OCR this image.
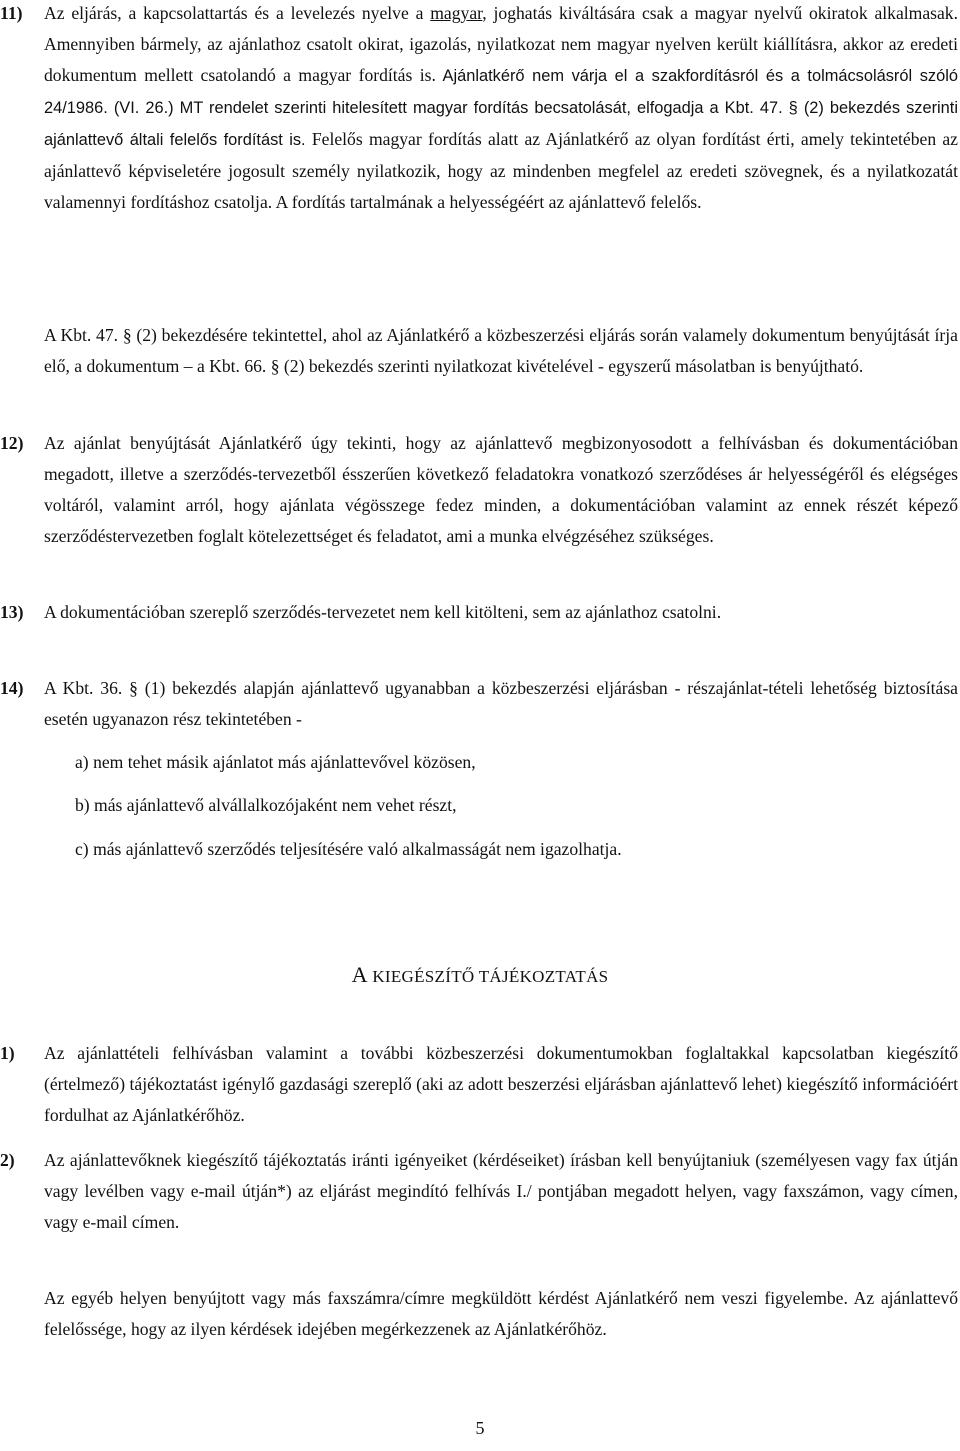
11) Az eljárás, a kapcsolattartás és a levelezés nyelve a magyar, joghatás kiváltására csak a magyar nyelvű okiratok alkalmasak. Amennyiben bármely, az ajánlathoz csatolt okirat, igazolás, nyilatkozat nem magyar nyelven került kiállításra, akkor az eredeti dokumentum mellett csatolandó a magyar fordítás is. Ajánlatkérő nem várja el a szakfordításról és a tolmácsolásról szóló 24/1986. (VI. 26.) MT rendelet szerinti hitelesített magyar fordítás becsatolását, elfogadja a Kbt. 47. § (2) bekezdés szerinti ajánlattevő általi felelős fordítást is. Felelős magyar fordítás alatt az Ajánlatkérő az olyan fordítást érti, amely tekintetében az ajánlattevő képviseletére jogosult személy nyilatkozik, hogy az mindenben megfelel az eredeti szövegnek, és a nyilatkozatát valamennyi fordításhoz csatolja. A fordítás tartalmának a helyességéért az ajánlattevő felelős.
A Kbt. 47. § (2) bekezdésére tekintettel, ahol az Ajánlatkérő a közbeszerzési eljárás során valamely dokumentum benyújtását írja elő, a dokumentum – a Kbt. 66. § (2) bekezdés szerinti nyilatkozat kivételével - egyszerű másolatban is benyújtható.
12) Az ajánlat benyújtását Ajánlatkérő úgy tekinti, hogy az ajánlattevő megbizonyosodott a felhívásban és dokumentációban megadott, illetve a szerződés-tervezetből ésszerűen következő feladatokra vonatkozó szerződéses ár helyességéről és elégséges voltáról, valamint arról, hogy ajánlata végösszege fedez minden, a dokumentációban valamint az ennek részét képező szerződéstervezetben foglalt kötelezettséget és feladatot, ami a munka elvégzéséhez szükséges.
13) A dokumentációban szereplő szerződés-tervezetet nem kell kitölteni, sem az ajánlathoz csatolni.
14) A Kbt. 36. § (1) bekezdés alapján ajánlattevő ugyanabban a közbeszerzési eljárásban - részajánlat-tételi lehetőség biztosítása esetén ugyanazon rész tekintetében -
a) nem tehet másik ajánlatot más ajánlattevővel közösen,
b) más ajánlattevő alvállalkozójaként nem vehet részt,
c) más ajánlattevő szerződés teljesítésére való alkalmasságát nem igazolhatja.
A KIEGÉSZÍTŐ TÁJÉKOZTATÁS
1) Az ajánlattételi felhívásban valamint a további közbeszerzési dokumentumokban foglaltakkal kapcsolatban kiegészítő (értelmező) tájékoztatást igénylő gazdasági szereplő (aki az adott beszerzési eljárásban ajánlattevő lehet) kiegészítő információért fordulhat az Ajánlatkérőhöz.
2) Az ajánlattevőknek kiegészítő tájékoztatás iránti igényeiket (kérdéseiket) írásban kell benyújtaniuk (személyesen vagy fax útján vagy levélben vagy e-mail útján*) az eljárást megindító felhívás I./ pontjában megadott helyen, vagy faxszámon, vagy címen, vagy e-mail címen.
Az egyéb helyen benyújtott vagy más faxszámra/címre megküldött kérdést Ajánlatkérő nem veszi figyelembe. Az ajánlattevő felelőssége, hogy az ilyen kérdések idejében megérkezzenek az Ajánlatkérőhöz.
5
